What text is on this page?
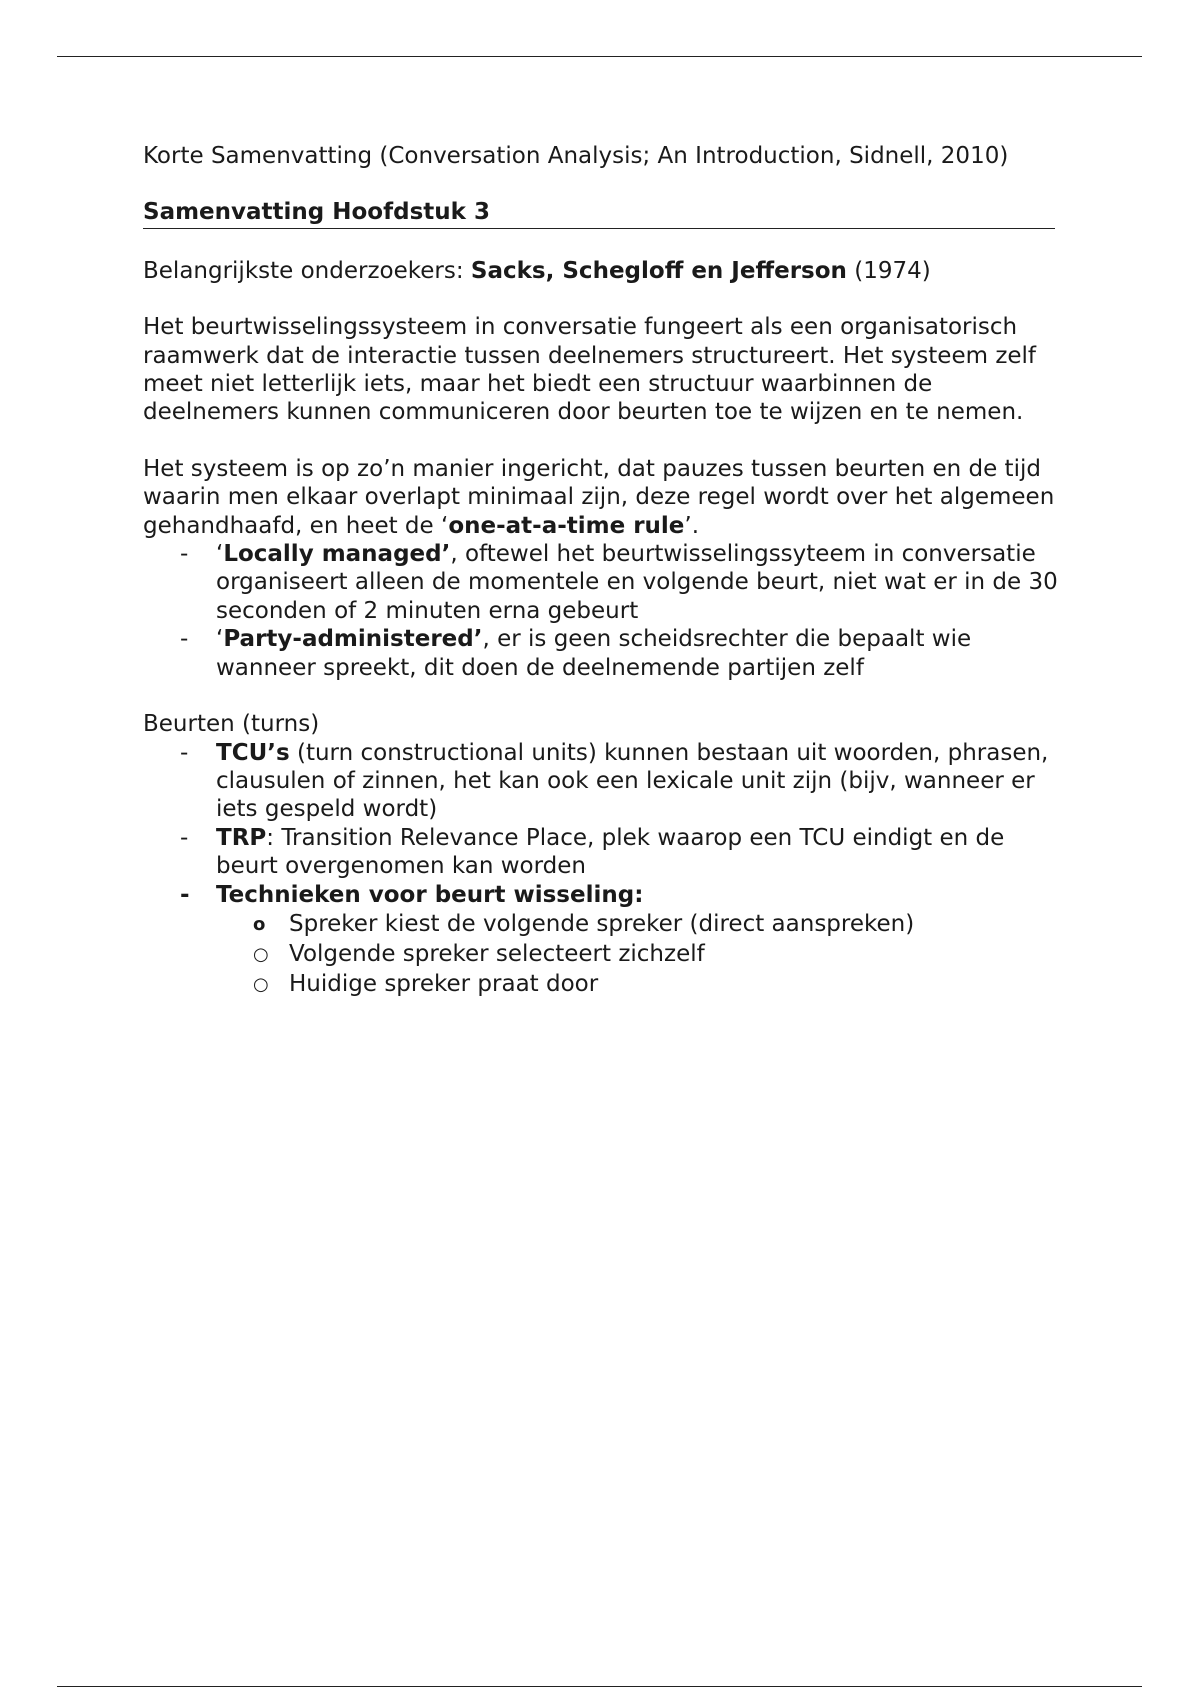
Korte Samenvatting (Conversation Analysis; An Introduction, Sidnell, 2010)

Samenvatting Hoofdstuk 3

Belangrijkste onderzoekers: Sacks, Schegloff en Jefferson (1974)

Het beurtwisselingssysteem in conversatie fungeert als een organisatorisch raamwerk dat de interactie tussen deelnemers structureert. Het systeem zelf meet niet letterlijk iets, maar het biedt een structuur waarbinnen de deelnemers kunnen communiceren door beurten toe te wijzen en te nemen.

Het systeem is op zo’n manier ingericht, dat pauzes tussen beurten en de tijd waarin men elkaar overlapt minimaal zijn, deze regel wordt over het algemeen gehandhaafd, en heet de ‘one-at-a-time rule’.

- ‘Locally managed’, oftewel het beurtwisselingssyteem in conversatie organiseert alleen de momentele en volgende beurt, niet wat er in de 30 seconden of 2 minuten erna gebeurt
- ‘Party-administered’, er is geen scheidsrechter die bepaalt wie wanneer spreekt, dit doen de deelnemende partijen zelf

Beurten (turns)

- TCU’s (turn constructional units) kunnen bestaan uit woorden, phrasen, clausulen of zinnen, het kan ook een lexicale unit zijn (bijv, wanneer er iets gespeld wordt)
- TRP: Transition Relevance Place, plek waarop een TCU eindigt en de beurt overgenomen kan worden
- Technieken voor beurt wisseling:
o Spreker kiest de volgende spreker (direct aanspreken)
○ Volgende spreker selecteert zichzelf
○ Huidige spreker praat door
